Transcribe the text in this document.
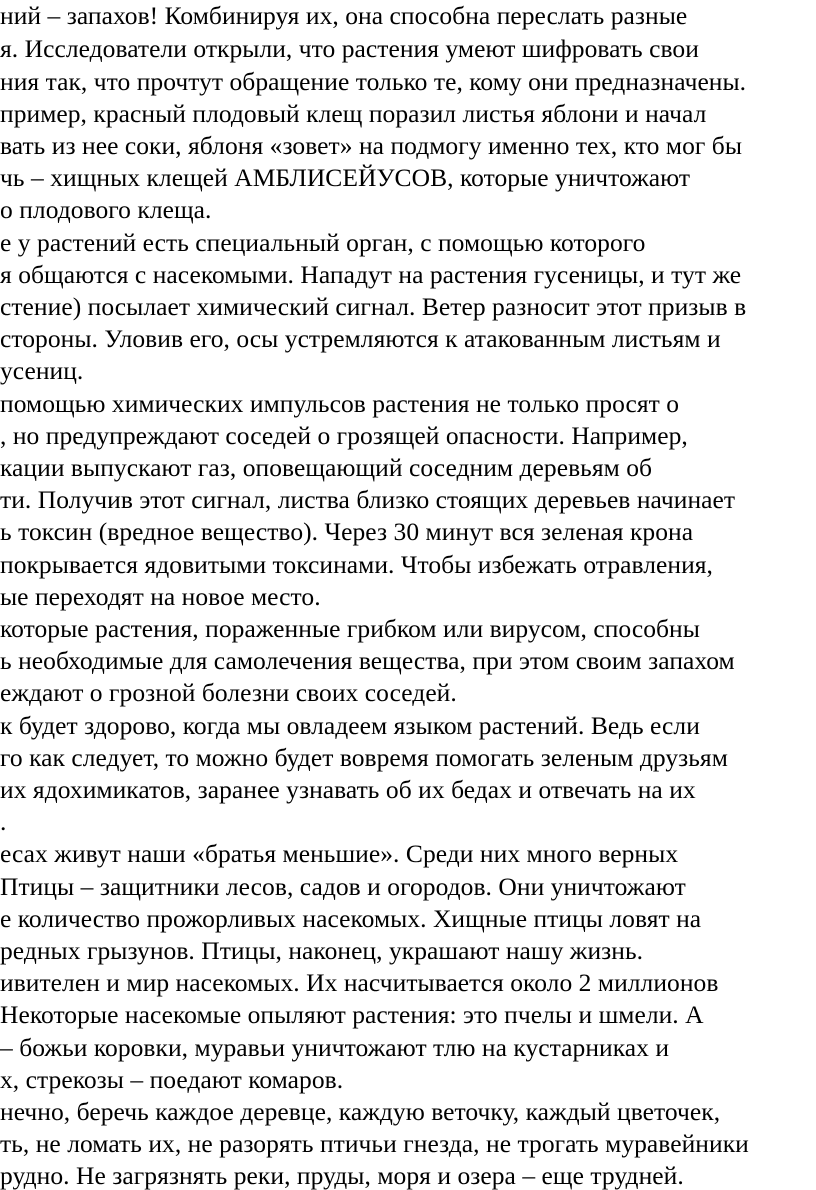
ний – запахов! Комбинируя их, она способна переслать разные
я. Исследователи открыли, что растения умеют шифровать свои
ния так, что прочтут обращение только те, кому они предназначены.
пример, красный плодовый клещ поразил листья яблони и начал
вать из нее соки, яблоня «зовет» на подмогу именно тех, кто мог бы
чь – хищных клещей АМБЛИСЕЙУСОВ, которые уничтожают
о плодового клеща.
е у растений есть специальный орган, с помощью которого
я общаются с насекомыми. Нападут на растения гусеницы, и тут же
стение) посылает химический сигнал. Ветер разносит этот призыв в
стороны. Уловив его, осы устремляются к атакованным листьям и
усениц.
помощью химических импульсов растения не только просят о
, но предупреждают соседей о грозящей опасности. Например,
кации выпускают газ, оповещающий соседним деревьям об
ти. Получив этот сигнал, листва близко стоящих деревьев начинает
ь токсин (вредное вещество). Через 30 минут вся зеленая крона
покрывается ядовитыми токсинами. Чтобы избежать отравления,
ые переходят на новое место.
которые растения, пораженные грибком или вирусом, способны
ь необходимые для самолечения вещества, при этом своим запахом
еждают о грозной болезни своих соседей.
к будет здорово, когда мы овладеем языком растений. Ведь если
го как следует, то можно будет вовремя помогать зеленым друзьям
их ядохимикатов, заранее узнавать об их бедах и отвечать на их
.
есах живут наши «братья меньшие». Среди них много верных
Птицы – защитники лесов, садов и огородов. Они уничтожают
е количество прожорливых насекомых. Хищные птицы ловят на
редных грызунов. Птицы, наконец, украшают нашу жизнь.
ивителен и мир насекомых. Их насчитывается около 2 миллионов
Некоторые насекомые опыляют растения: это пчелы и шмели. А
– божьи коровки, муравьи уничтожают тлю на кустарниках и
х, стрекозы – поедают комаров.
нечно, беречь каждое деревце, каждую веточку, каждый цветочек,
ть, не ломать их, не разорять птичьи гнезда, не трогать муравейники
рудно. Не загрязнять реки, пруды, моря и озера – еще трудней.
